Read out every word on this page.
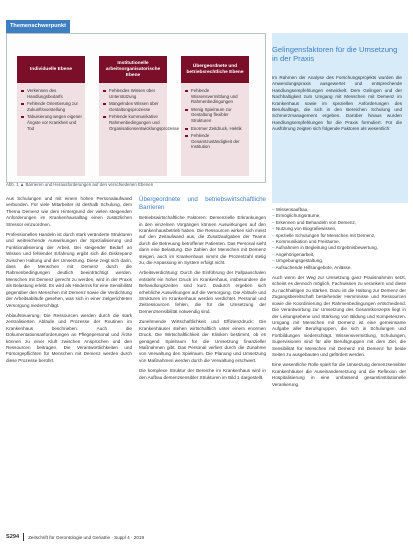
Themenschwerpunkt
Individuelle Ebene
Verkennen des Handlungsbedarfs
Fehlende Orientierung zur Zukunftsvorstellung
Tabuisierung wegen eigener Ängste vor Krankheit und Tod
Institutionelle arbeitsorganisatorische Ebene
Fehlendes Wissen über Unterstützung
Mangelndes Wissen über Gestaltungsprozesse
Fehlende kommunikative Rahmenbedingungen und Organisationsentwicklungsprozesse
Übergeordnete und betriebsrechtliche Ebene
Fehlende Wissensvermittlung und Rahmenbedingungen
Wenig Spielraum zur Gestaltung flexibler Strukturen
Enormer Zeitdruck, Hektik
Fehlende Gesamtzuständigkeit der Institution
Abb. 1 ▲ Barrieren und Herausforderungen auf den verschiedenen Ebenen
Gelingensfaktoren für die Umsetzung in der Praxis
Im Rahmen der Analyse des Forschungsprojekts wurden die Anwendungspraxis ausgewertet und entsprechende Handlungsempfehlungen entwickelt. Dem Gelingen und der Nachhaltigkeit zum Umgang mit Menschen mit Demenz im Krankenhaus sowie im speziellen Anforderungen des Berufsalltags, die sich in den Bereichen Schulung und Schmerzmanagement ergeben. Darüber hinaus wurden Handlungsempfehlungen für die Praxis formuliert. Für die Ausführung zeigten sich folgende Faktoren als wesentlich:
– Wissensaufbau,
– Ermöglichungsräume,
– Erkennen und Behandeln von Demenz,
– Nutzung von Biografiewissen,
– spezielle Schulungen für Menschen mit Demenz,
– Kommunikation und Freiräume,
– Aufnahmen in Begleitung und Ergebnisbewertung,
– Angehörigenarbeit,
– Umgebungsgestaltung,
– Aufsuchende Hilfsangebote, Anlässe.

Auch wenn der Weg zur Umsetzung ganz Praxisnahmen setzt, scheint es dennoch möglich, Fachwissen zu verankern und diese zu nachhaltigen zu stärken. Dazu ist die Haltung zur Demenz der Zugangsbereitschaft bestehender Hemmnisse und Ressourcen sowie die Koordinierung der Rahmenbedingungen entscheidend. Die Verantwortung zur Umsetzung des Gesamtkonzepts liegt in der Leitungsebene und Stärkung von Bildung und Kompetenzen. Umgang mit Menschen mit Demenz ist eine gemeinsame Aufgabe aller Berufsgruppen, die sich in Schulungen und Fortbildungen niederschlägt. Wissensvermittlung, Schulungen, Supervisionen sind für alle Berufsgruppen mit dem Ziel, die Sensibilität für Menschen mit Demenz mit Demenz für beide Seiten zu ausgebauten und gefördert werden.

Eine wesentliche Rolle spielt für die Umsetzung demenzsensibler Krankenhäuser die Auseinandersetzung und die Reflexion der Hospitalisierung in eine umfassend gesamtinstitutionelle Verankerung.

Aus Schulungen und mit einem hohen Personalaufwand verbunden. Für viele Mitarbeiter ist deshalb Schulung, dem Thema Demenz wie dem Hintergrund der vielen steigenden Anforderungen im Krankenhausalltag einen zusätzlichen Stressor einzuordnen.

Professionelles Handeln ist durch stark veränderte Strukturen und weitreichende Auswirkungen der Spezialisierung und Funktionalisierung der Arbeit. Bei steigender Bedarf an Wissen und fehlender Erfahrung ergibt sich die Diskrepanz zwischen Haltung und der Umsetzung. Diese zeigt sich darin, dass die Menschen mit Demenz durch die Rahmenbedingungen deutlich beeinträchtigt werden. Menschen mit Demenz gerecht zu werden, wird in der Praxis als Belastung erlebt. Es wird als Hindernis für eine Sensibilität gegenüber den Menschen mit Demenz sowie die Verdichtung der Arbeitsabläufe gesehen, was sich in einer zielgerichteten Versorgung niederschlägt.

Ablaufsteuerung: Die Ressourcen werden durch die stark zentralisierten Abläufe und Prozesse der Routinen im Krankenhaus beschrieben. Auch die Dokumentationsanforderungen an Pflegepersonal und Ärzte können zu einer Kluft zwischen Ansprüchen und den Ressourcen beitragen. Die Verantwortlichkeiten und Fürsorgepflichten für Menschen mit Demenz werden durch diese Prozesse berührt.

Übergeordnete und betriebswirtschaftliche Barrieren

Betriebswirtschaftliche Faktoren: Demenzielle Erkrankungen in den einzelnen Vorgängen können Auswirkungen auf den Krankenhausbetrieb haben. Die Ressourcen wirken sich meist auf den Zeitaufwand aus, die Zusatzaufgaben der Teams durch die Betreuung betroffener Patienten. Das Personal sieht darin eine Belastung. Die Zahlen der Menschen mit Demenz steigen, auch im Krankenhaus nimmt die Prozentzahl stetig zu, die Anpassung im System erfolgt nicht.

Arbeitsverdichtung: Durch die Einführung der Fallpauschalen entsteht ein hoher Druck im Krankenhaus, insbesondere die Behandlungszeiten sind kurz. Dadurch ergeben sich erhebliche Auswirkungen auf die Versorgung. Die Abläufe und Strukturen im Krankenhaus werden verdichtet. Personal und Zeitressourcen fehlen, die für die Umsetzung der Demenzsensibilität notwendig sind.

Zunehmende Wirtschaftlichkeit und Effizienzdruck: Die Krankenhäuser stehen wirtschaftlich unter einem enormen Druck. Die Wirtschaftlichkeit der Kliniken bestimmt, ob es genügend Spielraum für die Umsetzung finanzieller Maßnahmen gibt. Das Personal verliert durch die Zunahme von Verwaltung den Spielraum. Die Planung und Umsetzung von Maßnahmen werden durch die Verwaltung erschwert.

Die komplexe Struktur der Bereiche im Krankenhaus wird in den Aufbau demenzsensibler Strukturen im Bild 1 dargestellt.

S294 Zeitschrift für Gerontologie und Geriatrie · Suppl 4 · 2019
